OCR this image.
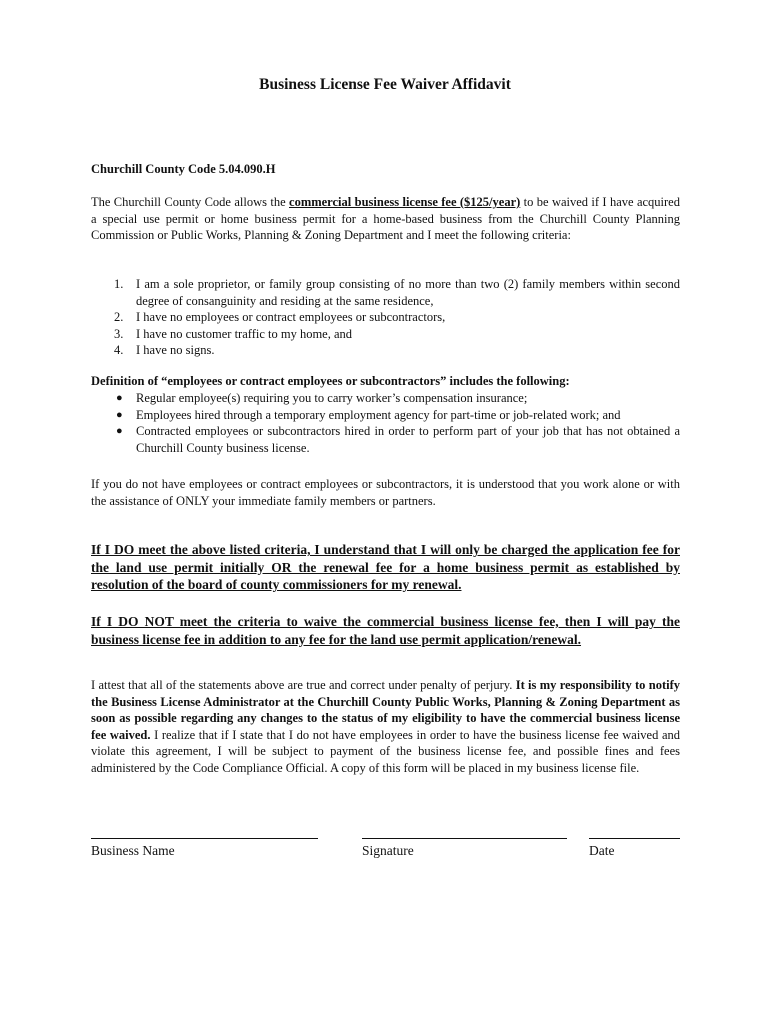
Business License Fee Waiver Affidavit
Churchill County Code 5.04.090.H
The Churchill County Code allows the commercial business license fee ($125/year) to be waived if I have acquired a special use permit or home business permit for a home-based business from the Churchill County Planning Commission or Public Works, Planning & Zoning Department and I meet the following criteria:
1. I am a sole proprietor, or family group consisting of no more than two (2) family members within second degree of consanguinity and residing at the same residence,
2. I have no employees or contract employees or subcontractors,
3. I have no customer traffic to my home, and
4. I have no signs.
Definition of “employees or contract employees or subcontractors” includes the following:
● Regular employee(s) requiring you to carry worker’s compensation insurance;
● Employees hired through a temporary employment agency for part-time or job-related work; and
● Contracted employees or subcontractors hired in order to perform part of your job that has not obtained a Churchill County business license.
If you do not have employees or contract employees or subcontractors, it is understood that you work alone or with the assistance of ONLY your immediate family members or partners.
If I DO meet the above listed criteria, I understand that I will only be charged the application fee for the land use permit initially OR the renewal fee for a home business permit as established by resolution of the board of county commissioners for my renewal.
If I DO NOT meet the criteria to waive the commercial business license fee, then I will pay the business license fee in addition to any fee for the land use permit application/renewal.
I attest that all of the statements above are true and correct under penalty of perjury. It is my responsibility to notify the Business License Administrator at the Churchill County Public Works, Planning & Zoning Department as soon as possible regarding any changes to the status of my eligibility to have the commercial business license fee waived. I realize that if I state that I do not have employees in order to have the business license fee waived and violate this agreement, I will be subject to payment of the business license fee, and possible fines and fees administered by the Code Compliance Official. A copy of this form will be placed in my business license file.
Business Name	Signature	Date
